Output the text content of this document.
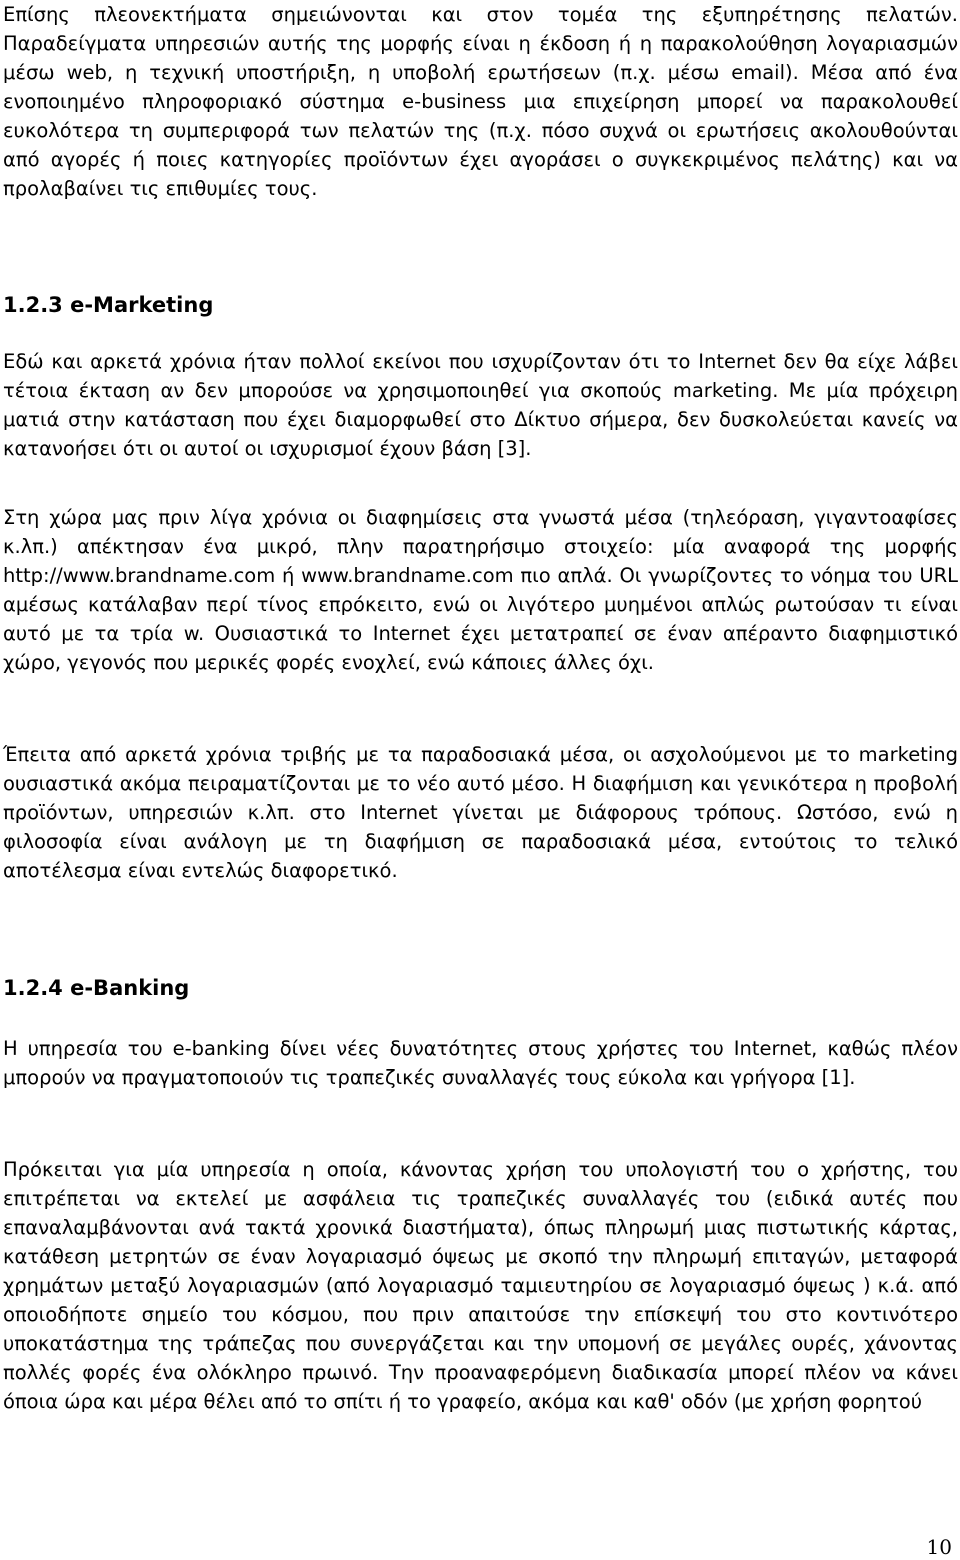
Επίσης πλεονεκτήματα σημειώνονται και στον τομέα της εξυπηρέτησης πελατών. Παραδείγματα υπηρεσιών αυτής της μορφής είναι η έκδοση ή η παρακολούθηση λογαριασμών μέσω web, η τεχνική υποστήριξη, η υποβολή ερωτήσεων (π.χ. μέσω email). Μέσα από ένα ενοποιημένο πληροφοριακό σύστημα e-business μια επιχείρηση μπορεί να παρακολουθεί ευκολότερα τη συμπεριφορά των πελατών της (π.χ. πόσο συχνά οι ερωτήσεις ακολουθούνται από αγορές ή ποιες κατηγορίες προϊόντων έχει αγοράσει ο συγκεκριμένος πελάτης) και να προλαβαίνει τις επιθυμίες τους.

1.2.3 e-Marketing

Εδώ και αρκετά χρόνια ήταν πολλοί εκείνοι που ισχυρίζονταν ότι το Internet δεν θα είχε λάβει τέτοια έκταση αν δεν μπορούσε να χρησιμοποιηθεί για σκοπούς marketing. Με μία πρόχειρη ματιά στην κατάσταση που έχει διαμορφωθεί στο Δίκτυο σήμερα, δεν δυσκολεύεται κανείς να κατανοήσει ότι οι αυτοί οι ισχυρισμοί έχουν βάση [3].

Στη χώρα μας πριν λίγα χρόνια οι διαφημίσεις στα γνωστά μέσα (τηλεόραση, γιγαντοαφίσες κ.λπ.) απέκτησαν ένα μικρό, πλην παρατηρήσιμο στοιχείο: μία αναφορά της μορφής http://www.brandname.com ή www.brandname.com πιο απλά. Οι γνωρίζοντες το νόημα του URL αμέσως κατάλαβαν περί τίνος επρόκειτο, ενώ οι λιγότερο μυημένοι απλώς ρωτούσαν τι είναι αυτό με τα τρία w. Ουσιαστικά το Internet έχει μετατραπεί σε έναν απέραντο διαφημιστικό χώρο, γεγονός που μερικές φορές ενοχλεί, ενώ κάποιες άλλες όχι.

Έπειτα από αρκετά χρόνια τριβής με τα παραδοσιακά μέσα, οι ασχολούμενοι με το marketing ουσιαστικά ακόμα πειραματίζονται με το νέο αυτό μέσο. Η διαφήμιση και γενικότερα η προβολή προϊόντων, υπηρεσιών κ.λπ. στο Internet γίνεται με διάφορους τρόπους. Ωστόσο, ενώ η φιλοσοφία είναι ανάλογη με τη διαφήμιση σε παραδοσιακά μέσα, εντούτοις το τελικό αποτέλεσμα είναι εντελώς διαφορετικό.

1.2.4 e-Banking

Η υπηρεσία του e-banking δίνει νέες δυνατότητες στους χρήστες του Internet, καθώς πλέον μπορούν να πραγματοποιούν τις τραπεζικές συναλλαγές τους εύκολα και γρήγορα [1].

Πρόκειται για μία υπηρεσία η οποία, κάνοντας χρήση του υπολογιστή του ο χρήστης, του επιτρέπεται να εκτελεί με ασφάλεια τις τραπεζικές συναλλαγές του (ειδικά αυτές που επαναλαμβάνονται ανά τακτά χρονικά διαστήματα), όπως πληρωμή μιας πιστωτικής κάρτας, κατάθεση μετρητών σε έναν λογαριασμό όψεως με σκοπό την πληρωμή επιταγών, μεταφορά χρημάτων μεταξύ λογαριασμών (από λογαριασμό ταμιευτηρίου σε λογαριασμό όψεως ) κ.ά. από οποιοδήποτε σημείο του κόσμου, που πριν απαιτούσε την επίσκεψή του στο κοντινότερο υποκατάστημα της τράπεζας που συνεργάζεται και την υπομονή σε μεγάλες ουρές, χάνοντας πολλές φορές ένα ολόκληρο πρωινό. Την προαναφερόμενη διαδικασία μπορεί πλέον να κάνει όποια ώρα και μέρα θέλει από το σπίτι ή το γραφείο, ακόμα και καθ' οδόν (με χρήση φορητού

10
